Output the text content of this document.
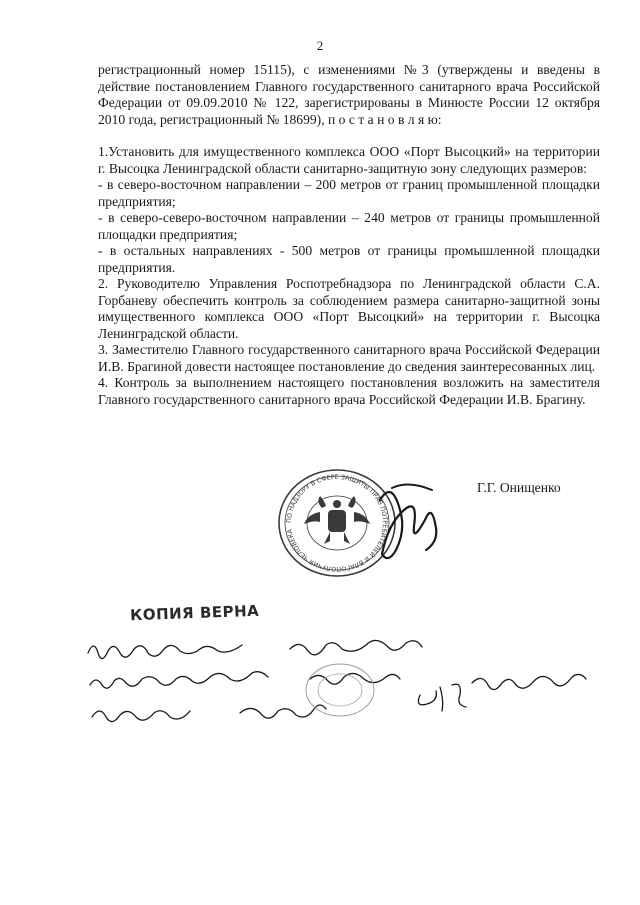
2

регистрационный номер 15115), с изменениями №3 (утверждены и введены в действие постановлением Главного государственного санитарного врача Российской Федерации от 09.09.2010 № 122, зарегистрированы в Минюсте России 12 октября 2010 года, регистрационный № 18699), п о с т а н о в л я ю:

1.Установить для имущественного комплекса ООО «Порт Высоцкий» на территории г. Высоцка Ленинградской области санитарно-защитную зону следующих размеров:

- в северо-восточном направлении – 200 метров от границ промышленной площадки предприятия;

- в северо-северо-восточном направлении – 240 метров от границы промышленной площадки предприятия;

- в остальных направлениях - 500 метров от границы промышленной площадки предприятия.

2. Руководителю Управления Роспотребнадзора по Ленинградской области С.А. Горбаневу обеспечить контроль за соблюдением размера санитарно-защитной зоны имущественного комплекса ООО «Порт Высоцкий» на территории г. Высоцка Ленинградской области.

3. Заместителю Главного государственного санитарного врача Российской Федерации И.В. Брагиной довести настоящее постановление до сведения заинтересованных лиц.

4. Контроль за выполнением настоящего постановления возложить на заместителя Главного государственного санитарного врача Российской Федерации И.В. Брагину.

ПО НАДЗОРУ В СФЕРЕ ЗАЩИТЫ ПРАВ ПОТРЕБИТЕЛЕЙ И БЛАГОПОЛУЧИЯ ЧЕЛОВЕКА
Г.Г. Онищенко
КОПИЯ ВЕРНА
